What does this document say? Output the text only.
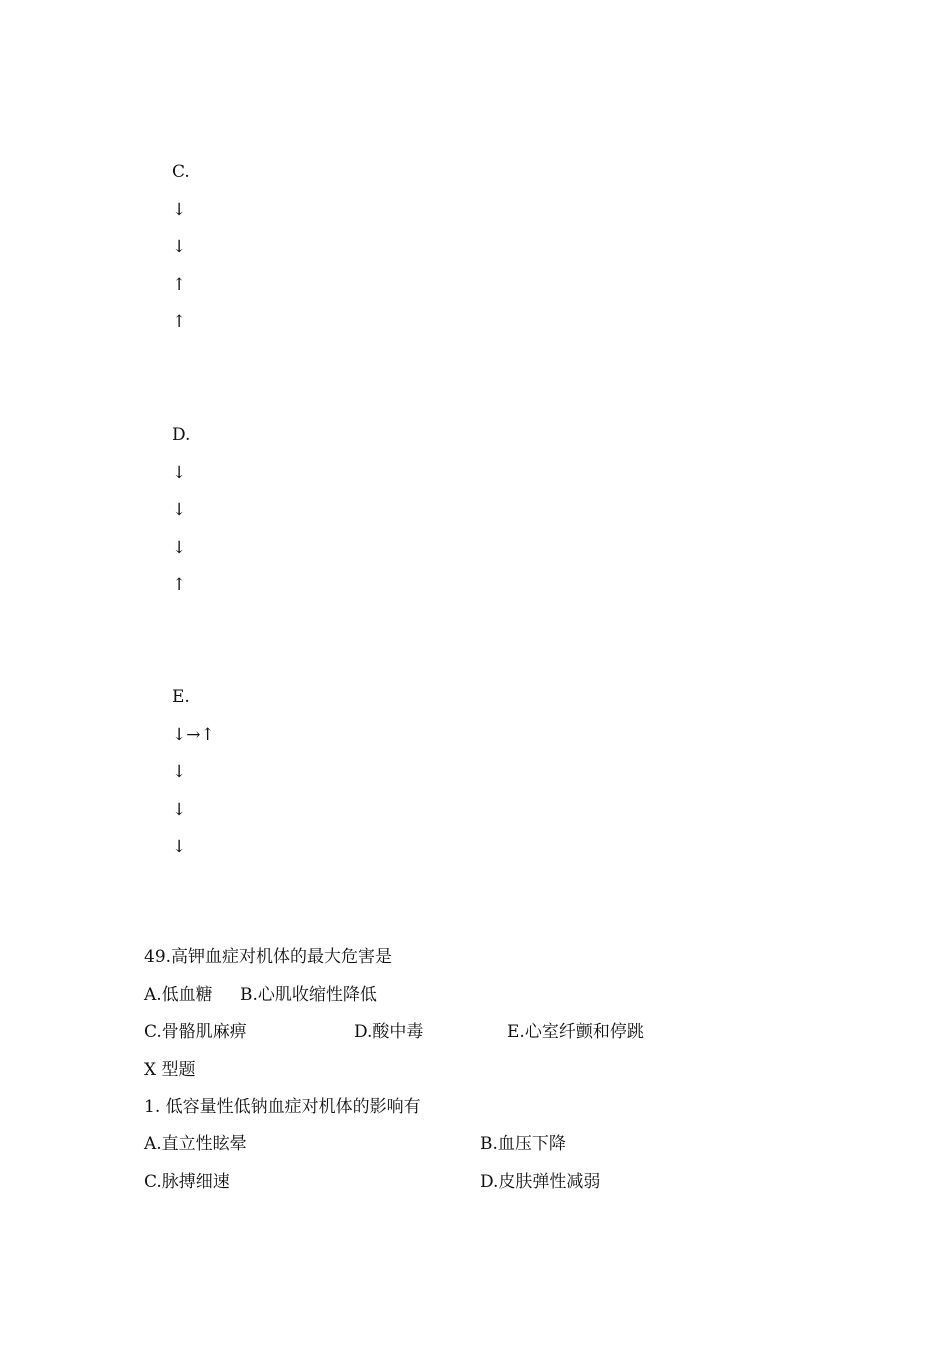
C.
↓
↓
↑
↑
D.
↓
↓
↓
↑
E.
↓→↑
↓
↓
↓
49.高钾血症对机体的最大危害是
A.低血糖 B.心肌收缩性降低
C.骨骼肌麻痹	D.酸中毒	E.心室纤颤和停跳
X 型题
1. 低容量性低钠血症对机体的影响有
A.直立性眩晕	B.血压下降
C.脉搏细速	D.皮肤弹性减弱
